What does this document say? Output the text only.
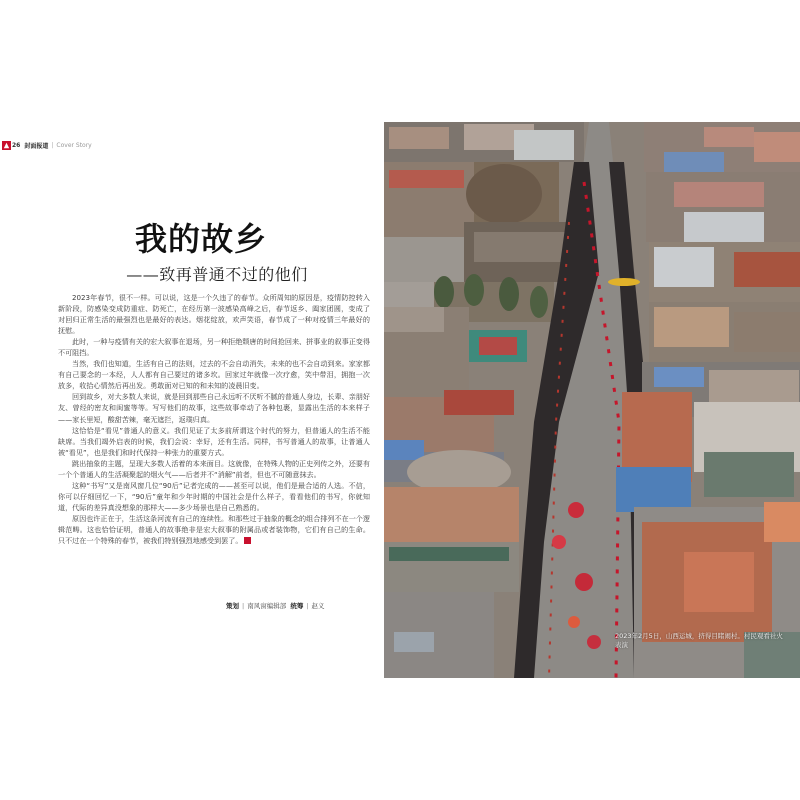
26 封面报道 | Cover Story
我的故乡
——致再普通不过的他们

2023年春节，很不一样。可以说，这是一个久违了的春节。众所周知的原因是，疫情防控转入新阶段，防感染变成防重症、防死亡，在经历第一波感染高峰之后，春节返乡、阖家团圆，变成了对回归正常生活的最强烈也是最好的表达。烟花绽放，欢声笑语，春节成了一种对疫情三年最好的抚慰。

此时，一种与疫情有关的宏大叙事在退场，另一种拒绝颓唐的时间抢回来、拼事业的叙事正变得不可阻挡。

当然，我们也知道，生活有自己的法则，过去的不会自动消失，未来的也不会自动到来。家家都有自己要念的一本经，人人都有自己要过的诸多坎。回家过年就像一次疗愈，笑中带泪，拥抱一次放多，收拾心情然后再出发。勇敢面对已知的和未知的凌晨旧变。

回到故乡，对大多数人来说，就是回到那些自己永远听不厌听不腻的普通人身边，长辈、亲朋好友、曾经的密友和闺蜜等等。写写他们的故事，这些故事牵动了各种包裹，显露出生活的本来样子——家长里短，酸甜苦辣，毫无遮拦，返璞归真。

这恰恰是“看见”普通人的意义。我们见证了太多前所谓这个时代的努力，但普通人的生活不能缺席。当我们竭外启表的时候，我们会说：幸好，还有生活。同样，书写普通人的故事，让普通人被“看见”，也是我们和时代保持一种张力的重要方式。

跳出抽象的主题，呈现大多数人活着的本来面目。这就像，在特殊人物的正史列传之外，还要有一个个普通人的生活凝聚起的烟火气——后者并不“消解”前者，但也不可随意抹去。

这种“书写”又是南风窗几位“90后”记者完成的——甚至可以说，他们是最合适的人选。不信，你可以仔细回忆一下，“90后”童年和少年时期的中国社会是什么样子，看看他们的书写，你就知道，代际的差异真没想象的那样大——多少场景也是自己熟悉的。

原因也许正在于，生活这条河流有自己的连续性。和那些过于抽象的概念的组合排列不在一个逻辑范畴。这也恰恰证明，普通人的故事绝非是宏大叙事的附属品或者装饰物，它们有自己的生命。只不过在一个特殊的春节，被我们特别强烈地感受到罢了。

策划 | 南风窗编辑部 统筹 | 赵义
2023年2月5日，山西运城，挤得目睹闹村。村民观看社火表演
